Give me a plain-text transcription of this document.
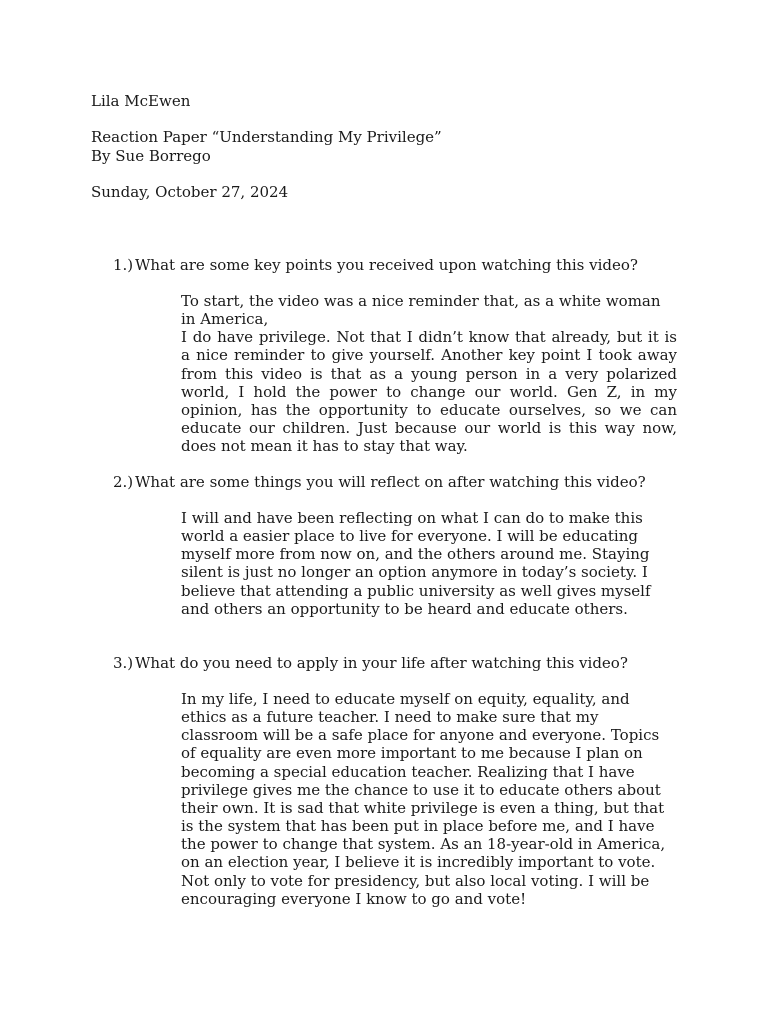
Lila McEwen
Reaction Paper “Understanding My Privilege”
By Sue Borrego
Sunday, October 27, 2024
1.) What are some key points you received upon watching this video?

To start, the video was a nice reminder that, as a white woman in America,

I do have privilege. Not that I didn’t know that already, but it is a nice reminder to give yourself. Another key point I took away from this video is that as a young person in a very polarized world, I hold the power to change our world. Gen Z, in my opinion, has the opportunity to educate ourselves, so we can educate our children. Just because our world is this way now, does not mean it has to stay that way.

2.) What are some things you will reflect on after watching this video?

I will and have been reflecting on what I can do to make this world a easier place to live for everyone. I will be educating myself more from now on, and the others around me. Staying silent is just no longer an option anymore in today’s society. I believe that attending a public university as well gives myself and others an opportunity to be heard and educate others.

3.) What do you need to apply in your life after watching this video?

In my life, I need to educate myself on equity, equality, and ethics as a future teacher. I need to make sure that my classroom will be a safe place for anyone and everyone. Topics of equality are even more important to me because I plan on becoming a special education teacher. Realizing that I have privilege gives me the chance to use it to educate others about their own. It is sad that white privilege is even a thing, but that is the system that has been put in place before me, and I have the power to change that system. As an 18-year-old in America, on an election year, I believe it is incredibly important to vote. Not only to vote for presidency, but also local voting. I will be encouraging everyone I know to go and vote!
